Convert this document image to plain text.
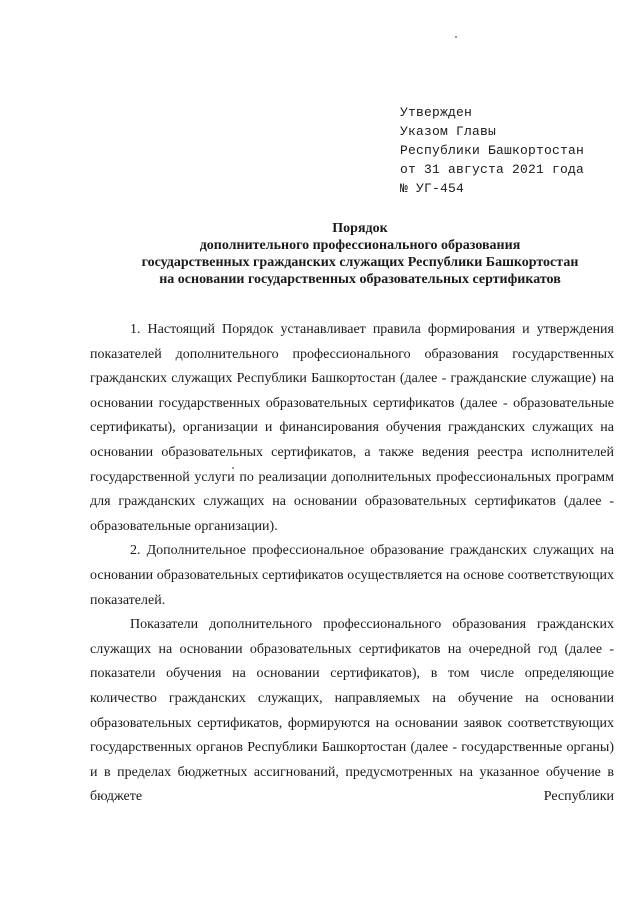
Утвержден
Указом Главы
Республики Башкортостан
от 31 августа 2021 года
№ УГ-454
Порядок
дополнительного профессионального образования
государственных гражданских служащих Республики Башкортостан
на основании государственных образовательных сертификатов

1. Настоящий Порядок устанавливает правила формирования и утверждения показателей дополнительного профессионального образования государственных гражданских служащих Республики Башкортостан (далее - гражданские служащие) на основании государственных образовательных сертификатов (далее - образовательные сертификаты), организации и финансирования обучения гражданских служащих на основании образовательных сертификатов, а также ведения реестра исполнителей государственной услуги по реализации дополнительных профессиональных программ для гражданских служащих на основании образовательных сертификатов (далее - образовательные организации).

2. Дополнительное профессиональное образование гражданских служащих на основании образовательных сертификатов осуществляется на основе соответствующих показателей.

Показатели дополнительного профессионального образования гражданских служащих на основании образовательных сертификатов на очередной год (далее - показатели обучения на основании сертификатов), в том числе определяющие количество гражданских служащих, направляемых на обучение на основании образовательных сертификатов, формируются на основании заявок соответствующих государственных органов Республики Башкортостан (далее - государственные органы) и в пределах бюджетных ассигнований, предусмотренных на указанное обучение в бюджете Республики
